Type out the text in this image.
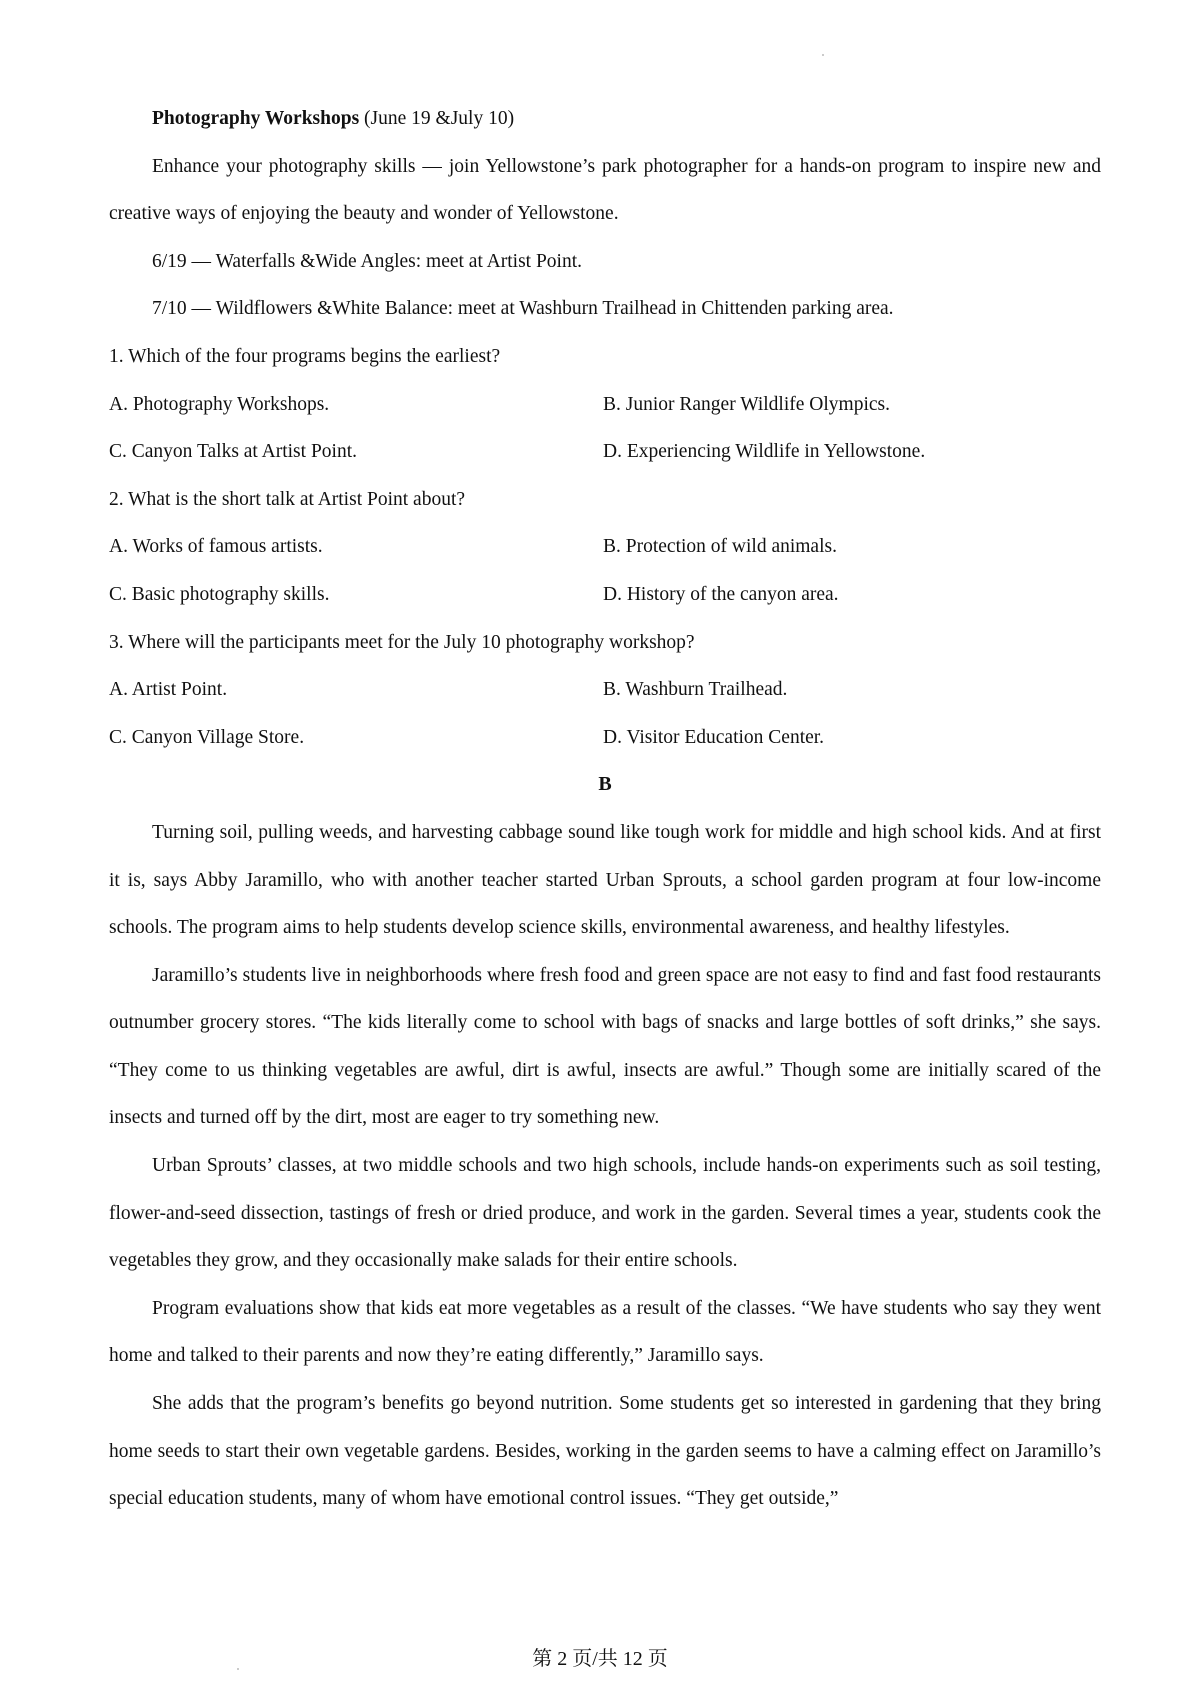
Photography Workshops (June 19 &July 10)
Enhance your photography skills — join Yellowstone’s park photographer for a hands-on program to inspire new and creative ways of enjoying the beauty and wonder of Yellowstone.
6/19 — Waterfalls &Wide Angles: meet at Artist Point.
7/10 — Wildflowers &White Balance: meet at Washburn Trailhead in Chittenden parking area.
1. Which of the four programs begins the earliest?
A. Photography Workshops.	B. Junior Ranger Wildlife Olympics.
C. Canyon Talks at Artist Point.	D. Experiencing Wildlife in Yellowstone.
2. What is the short talk at Artist Point about?
A. Works of famous artists.	B. Protection of wild animals.
C. Basic photography skills.	D. History of the canyon area.
3. Where will the participants meet for the July 10 photography workshop?
A. Artist Point.	B. Washburn Trailhead.
C. Canyon Village Store.	D. Visitor Education Center.
B
Turning soil, pulling weeds, and harvesting cabbage sound like tough work for middle and high school kids. And at first it is, says Abby Jaramillo, who with another teacher started Urban Sprouts, a school garden program at four low-income schools. The program aims to help students develop science skills, environmental awareness, and healthy lifestyles.
Jaramillo’s students live in neighborhoods where fresh food and green space are not easy to find and fast food restaurants outnumber grocery stores. “The kids literally come to school with bags of snacks and large bottles of soft drinks,” she says. “They come to us thinking vegetables are awful, dirt is awful, insects are awful.” Though some are initially scared of the insects and turned off by the dirt, most are eager to try something new.
Urban Sprouts’ classes, at two middle schools and two high schools, include hands-on experiments such as soil testing, flower-and-seed dissection, tastings of fresh or dried produce, and work in the garden. Several times a year, students cook the vegetables they grow, and they occasionally make salads for their entire schools.
Program evaluations show that kids eat more vegetables as a result of the classes. “We have students who say they went home and talked to their parents and now they’re eating differently,” Jaramillo says.
She adds that the program’s benefits go beyond nutrition. Some students get so interested in gardening that they bring home seeds to start their own vegetable gardens. Besides, working in the garden seems to have a calming effect on Jaramillo’s special education students, many of whom have emotional control issues. “They get outside,”
第 2 页/共 12 页
